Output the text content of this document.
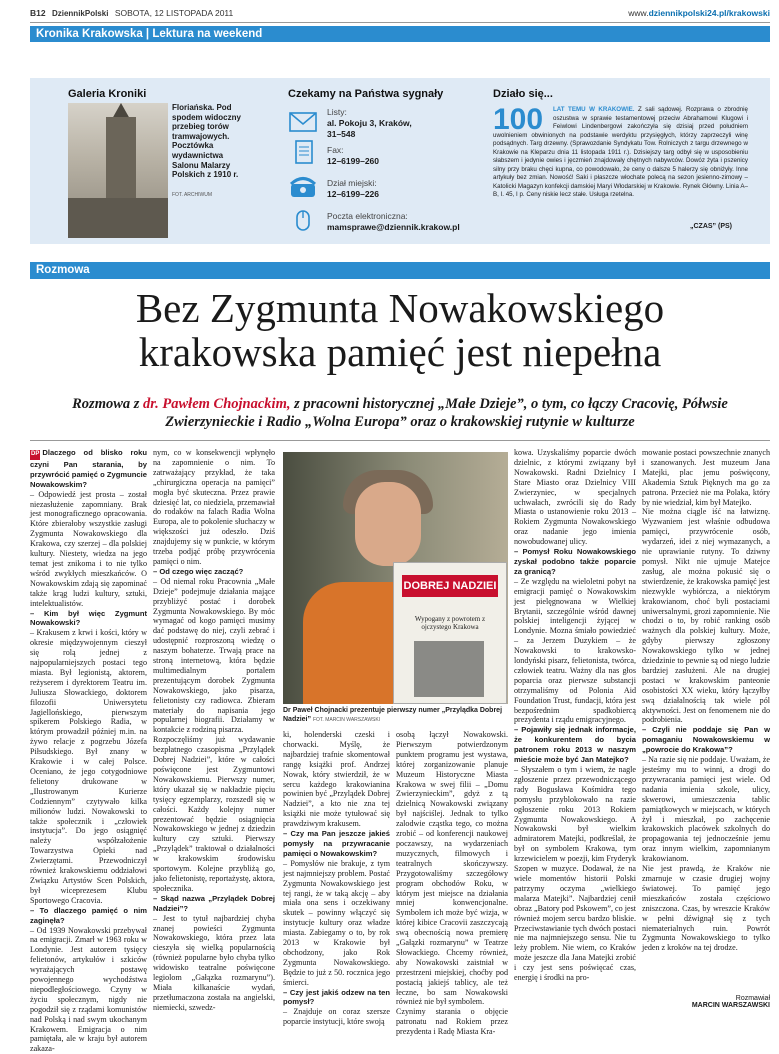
B12 DziennikPolski SOBOTA, 12 LISTOPADA 2011	www.dziennikpolski24.pl/krakowski
Kronika Krakowska | Lektura na weekend
Galeria Kroniki
Floriańska. Pod spodem widoczny przebieg torów tramwajowych. Pocztówka wydawnictwa Salonu Malarzy Polskich z 1910 r.
FOT. ARCHIWUM
Czekamy na Państwa sygnały
Listy:
al. Pokoju 3, Kraków, 31–548
Fax:
12–6199–260
Dział miejski:
12–6199–226
Poczta elektroniczna:
mamsprawe@dziennik.krakow.pl
Działo się...
100	LAT TEMU W KRAKOWIE. Z sali sądowej. Rozprawa o zbrodnię oszustwa w sprawie testamentowej przeciw Abrahamowi Klugowi i Feiwlowi Lindenbergowi zakończyła się dzisiaj przed południem uwolnieniem obwinionych na podstawie werdyktu przysięgłych, którzy zaprzeczyli winę podsądnych. Targ drzewny. (Sprawozdanie Syndykatu Tow. Rolniczych z targu drzewnego w Krakowie na Kleparzu dnia 11 listopada 1911 r.). Dzisiejszy targ odbył się w usposobieniu słabszem i jedynie owies i jęczmień znajdowały chętnych nabywców. Dowóz żyta i pszenicy silny przy braku chęci kupna, co powodowało, że ceny o dalsze 5 halerzy się obniżyły. Inne artykuły bez zmian. Nowość! Saki i płaszcze włochate polecą na sezon jesienno-zimowy – Katolicki Magazyn konfekcji damskiej Maryi Włodarskiej w Krakowie. Rynek Główny. Linia A–B, I. 45, I p. Ceny niskie lecz stałe. Usługa rzetelna.
„CZAS” (PS)
Rozmowa
Bez Zygmunta Nowakowskiego
krakowska pamięć jest niepełna
Rozmowa z dr. Pawłem Chojnackim, z pracowni historycznej „Małe Dzieje”, o tym, co łączy Cracovię, Półwsie Zwierzynieckie i Radio „Wolna Europa” oraz o krakowskiej rutynie w kulturze

DP Dlaczego od blisko roku czyni Pan starania, by przywrócić pamięć o Zygmuncie Nowakowskim?

– Odpowiedź jest prosta – został niezasłużenie zapomniany. Brak jest monograficznego opracowania. Które zbierałoby wszystkie zasługi Zygmunta Nowakowskiego dla Krakowa, czy szerzej – dla polskiej kultury. Niestety, wiedza na jego temat jest znikoma i to nie tylko wśród zwykłych mieszkańców. O Nowakowskim zdają się zapominać także krąg ludzi kultury, sztuki, intelektualistów.

– Kim był więc Zygmunt Nowakowski?

– Krakusem z krwi i kości, który w okresie międzywojennym cieszył się rolą jednej z najpopularniejszych postaci tego miasta. Był legionistą, aktorem, reżyserem i dyrektorem Teatru im. Juliusza Słowackiego, doktorem filozofii Uniwersytetu Jagiellońskiego, pierwszym spikerem Polskiego Radia, w którym prowadził później m.in. na żywo relacje z pogrzebu Józefa Piłsudskiego. Był znany w Krakowie i w całej Polsce. Oceniano, że jego cotygodniowe felietony drukowane w „Ilustrowanym Kurierze Codziennym” czytywało kilka milionów ludzi. Nowakowski to także społecznik i „człowiek instytucja”. Do jego osiągnięć należy współzałożenie Towarzystwa Opieki nad Zwierzętami. Przewodniczył również krakowskiemu oddziałowi Związku Artystów Scen Polskich, był wiceprezesem Klubu Sportowego Cracovia.

– To dlaczego pamięć o nim zaginęła?

– Od 1939 Nowakowski przebywał na emigracji. Zmarł w 1963 roku w Londynie. Jest autorem tysięcy felietonów, artykułów i szkiców wyrażających postawę powojennego wychodźstwa niepodległościowego. Czyny w życiu społecznym, nigdy nie pogodził się z rządami komunistów nad Polską i nad swym ukochanym Krakowem. Emigracja o nim pamiętała, ale w kraju był autorem zakaza-

nym, co w konsekwencji wpłynęło na zapomnienie o nim. To zatrważający przykład, że taka „chirurgiczna operacja na pamięci” mogła być skuteczna. Przez prawie dziesięć lat, co niedziela, przemawiał do rodaków na falach Radia Wolna Europa, ale to pokolenie słuchaczy w większości już odeszło. Dziś znajdujemy się w punkcie, w którym trzeba podjąć próbę przywrócenia pamięci o nim.

– Od czego więc zacząć?

– Od niemal roku Pracownia „Małe Dzieje” podejmuje działania mające przybliżyć postać i dorobek Zygmunta Nowakowskiego. By móc wymagać od kogo pamięci musimy dać podstawę do niej, czyli zebrać i udostępnić rozproszoną wiedzę o naszym bohaterze. Trwają prace na stroną internetową, która będzie multimedialnym portalem prezentującym dorobek Zygmunta Nowakowskiego, jako pisarza, felietonisty czy radiowca. Zbieram materiały do napisania jego popularnej biografii. Działamy w kontakcie z rodziną pisarza.

Rozpoczęliśmy już wydawanie bezpłatnego czasopisma „Przylądek Dobrej Nadziei”, które w całości poświęcone jest Zygmuntowi Nowakowskiemu. Pierwszy numer, który ukazał się w nakładzie pięciu tysięcy egzemplarzy, rozszedł się w całości. Każdy kolejny numer prezentować będzie osiągnięcia Nowakowskiego w jednej z dziedzin kultury czy sztuki. Pierwszy „Przylądek” traktował o działalności w krakowskim środowisku sportowym. Kolejne przybliżą go, jako felietonistę, reportażystę, aktora, społecznika.

– Skąd nazwa „Przylądek Dobrej Nadziei”?

– Jest to tytuł najbardziej chyba znanej powieści Zygmunta Nowakowskiego, która przez lata cieszyła się wielką popularnością (również popularne było chyba tylko widowisko teatralne poświęcone legiolom „Gałązka rozmarynu”). Miała kilkanaście wydań, przetłumaczona została na angielski, niemiecki, szwedz-

DOBREJ NADZIEI
Wypogany z powrotem z ojczystego Krakowa
Dr Paweł Chojnacki prezentuje pierwszy numer „Przylądka Dobrej Nadziei” FOT. MARCIN WARSZAWSKI

ki, holenderski czeski i chorwacki. Myślę, że najbardziej trafnie skomentował rangę książki prof. Andrzej Nowak, który stwierdził, że w sercu każdego krakowianina powinien być „Przylądek Dobrej Nadziei”, a kto nie zna tej książki nie może tytułować się prawdziwym krakusem.

– Czy ma Pan jeszcze jakieś pomysły na przywracanie pamięci o Nowakowskim?

– Pomysłów nie brakuje, z tym jest najmniejszy problem. Postać Zygmunta Nowakowskiego jest tej rangi, że w taką akcję – aby miała ona sens i oczekiwany skutek – powinny włączyć się instytucje kultury oraz władze miasta. Zabiegamy o to, by rok 2013 w Krakowie był obchodzony, jako Rok Zygmunta Nowakowskiego. Będzie to już z 50. rocznica jego śmierci.

– Czy jest jakiś odzew na ten pomysł?

– Znajduje on coraz szersze poparcie instytucji, które swoją

osobą łączył Nowakowski. Pierwszym potwierdzonym punktem programu jest wystawa, której zorganizowanie planuje Muzeum Historyczne Miasta Krakowa w swej filii – „Domu Zwierzynieckim”, gdyż z tą dzielnicą Nowakowski związany był najściślej. Jednak to tylko zalodwie cząstka tego, co można zrobić – od konferencji naukowej poczawszy, na wydarzeniach muzycznych, filmowych i teatralnych skończywszy. Przygotowaliśmy szczegółowy program obchodów Roku, w którym jest miejsce na działania mniej konwencjonalne. Symbolem ich może być wizja, w której kibice Cracovii zaszczycają swą obecnością nowa premierę „Gałązki rozmarynu” w Teatrze Słowackiego. Chcemy również, aby Nowakowski zaistniał w przestrzeni miejskiej, choćby pod postacią jakiejś tablicy, ale też łeczne, bo sam Nowakowski również nie był symbolem.

Czynimy starania o objęcie patronatu nad Rokiem przez prezydenta i Radę Miasta Kra-

kowa. Uzyskaliśmy poparcie dwóch dzielnic, z którymi związany był Nowakowski. Radni Dzielnicy I Stare Miasto oraz Dzielnicy VIII Zwierzyniec, w specjalnych uchwałach, zwrócili się do Rady Miasta o ustanowienie roku 2013 – Rokiem Zygmunta Nowakowskiego oraz nadanie jego imienia nowobudowanej ulicy.

– Pomysł Roku Nowakowskiego zyskał podobno także poparcie za granicą?

– Ze względu na wieloletni pobyt na emigracji pamięć o Nowakowskim jest pielęgnowana w Wielkiej Brytanii, szczególnie wśród dawnej polskiej inteligencji żyjącej w Londynie. Mozna śmiało powiedzieć – za Jerzem Duzykiem – że Nowakowski to krakowsko-londyński pisarz, felietonista, twórca, człowiek teatru. Ważny dla nas głos poparcia oraz pierwsze substancji otrzymaliśmy od Polonia Aid Foundation Trust, fundacji, która jest bezpośrednim spadkobiercą prezydenta i rządu emigracyjnego.

– Pojawiły się jednak informacje, że konkurentem do bycia patronem roku 2013 w naszym mieście może być Jan Matejko?

– Słyszałem o tym i wiem, że nagle zgłoszenie przez przewodniczącego rady Bogusława Kośmidra tego pomysłu przyblokowało na razie ogłoszenie roku 2013 Rokiem Zygmunta Nowakowskiego. A Nowakowski był wielkim admiratorem Matejki, podkreślał, że był on symbolem Krakowa, tym krzewicielem w poezji, kim Fryderyk Szopen w muzyce. Dodawał, że na wiele momentów historii Polski patrzymy oczyma „wielkiego malarza Matejki”. Najbardziej cenił obraz „Batory pod Pskowem”, co jest również mojem sercu bardzo bliskie. Przeciwstawianie tych dwóch postaci nie ma najmniejszego sensu. Nie tu leży problem. Nie wiem, co Kraków może jeszcze dla Jana Matejki zrobić i czy jest sens poświęcać czas, energię i środki na pro-

mowanie postaci powszechnie znanych i szanowanych. Jest muzeum Jana Matejki, plac jemu poświęcony, Akademia Sztuk Pięknych ma go za patrona. Przecież nie ma Polaka, który by nie wiedział, kim był Matejko.

Nie można ciągle iść na łatwiznę. Wyzwaniem jest właśnie odbudowa pamięci, przywrócenie osób, wydarzeń, idei z niej wymazanych, a nie uprawianie rutyny. To dziwny pomysł. Nikt nie ujmuje Matejce zasług, ale można pokusić się o stwierdzenie, że krakowska pamięć jest niezwykle wybiórcza, a niektórym krakowianom, choć byli postaciami uniwersalnymi, grozi zapomnienie. Nie chodzi o to, by robić ranking osób ważnych dla polskiej kultury. Może, gdyby pierwszy zgłoszony Nowakowskiego tylko w jednej dziedzinie to pewnie są od niego ludzie bardziej zasłużeni. Ale na drugiej postaci w krakowskim panteonie osobistości XX wieku, który łączyłby swą działalnością tak wiele pól aktywności. Jest on fenomenem nie do podrobienia.

– Czyli nie poddaje się Pan w pomaganiu Nowakowskiemu w „powrocie do Krakowa”?

– Na razie się nie poddaje. Uważam, że jesteśmy mu to winni, a drogi do przywracania pamięci jest wiele. Od nadania imienia szkole, ulicy, skwerowi, umieszczenia tablic pamiątkowych w miejscach, w których żył i mieszkał, po zachęcenie krakowskich placówek szkolnych do propagowania tej jednocześnie jemu oraz innym wielkim, zapomnianym krakowianom.

Nie jest prawdą, że Kraków nie zmarnuje w czasie drugiej wojny światowej. To pamięć jego mieszkańców została częściowo zniszczona. Czas, by wreszcie Kraków w pełni dźwignął się z tych niematerialnych ruin. Powrót Zygmunta Nowakowskiego to tylko jeden z kroków na tej drodze.

Rozmawiał
MARCIN WARSZAWSKI
